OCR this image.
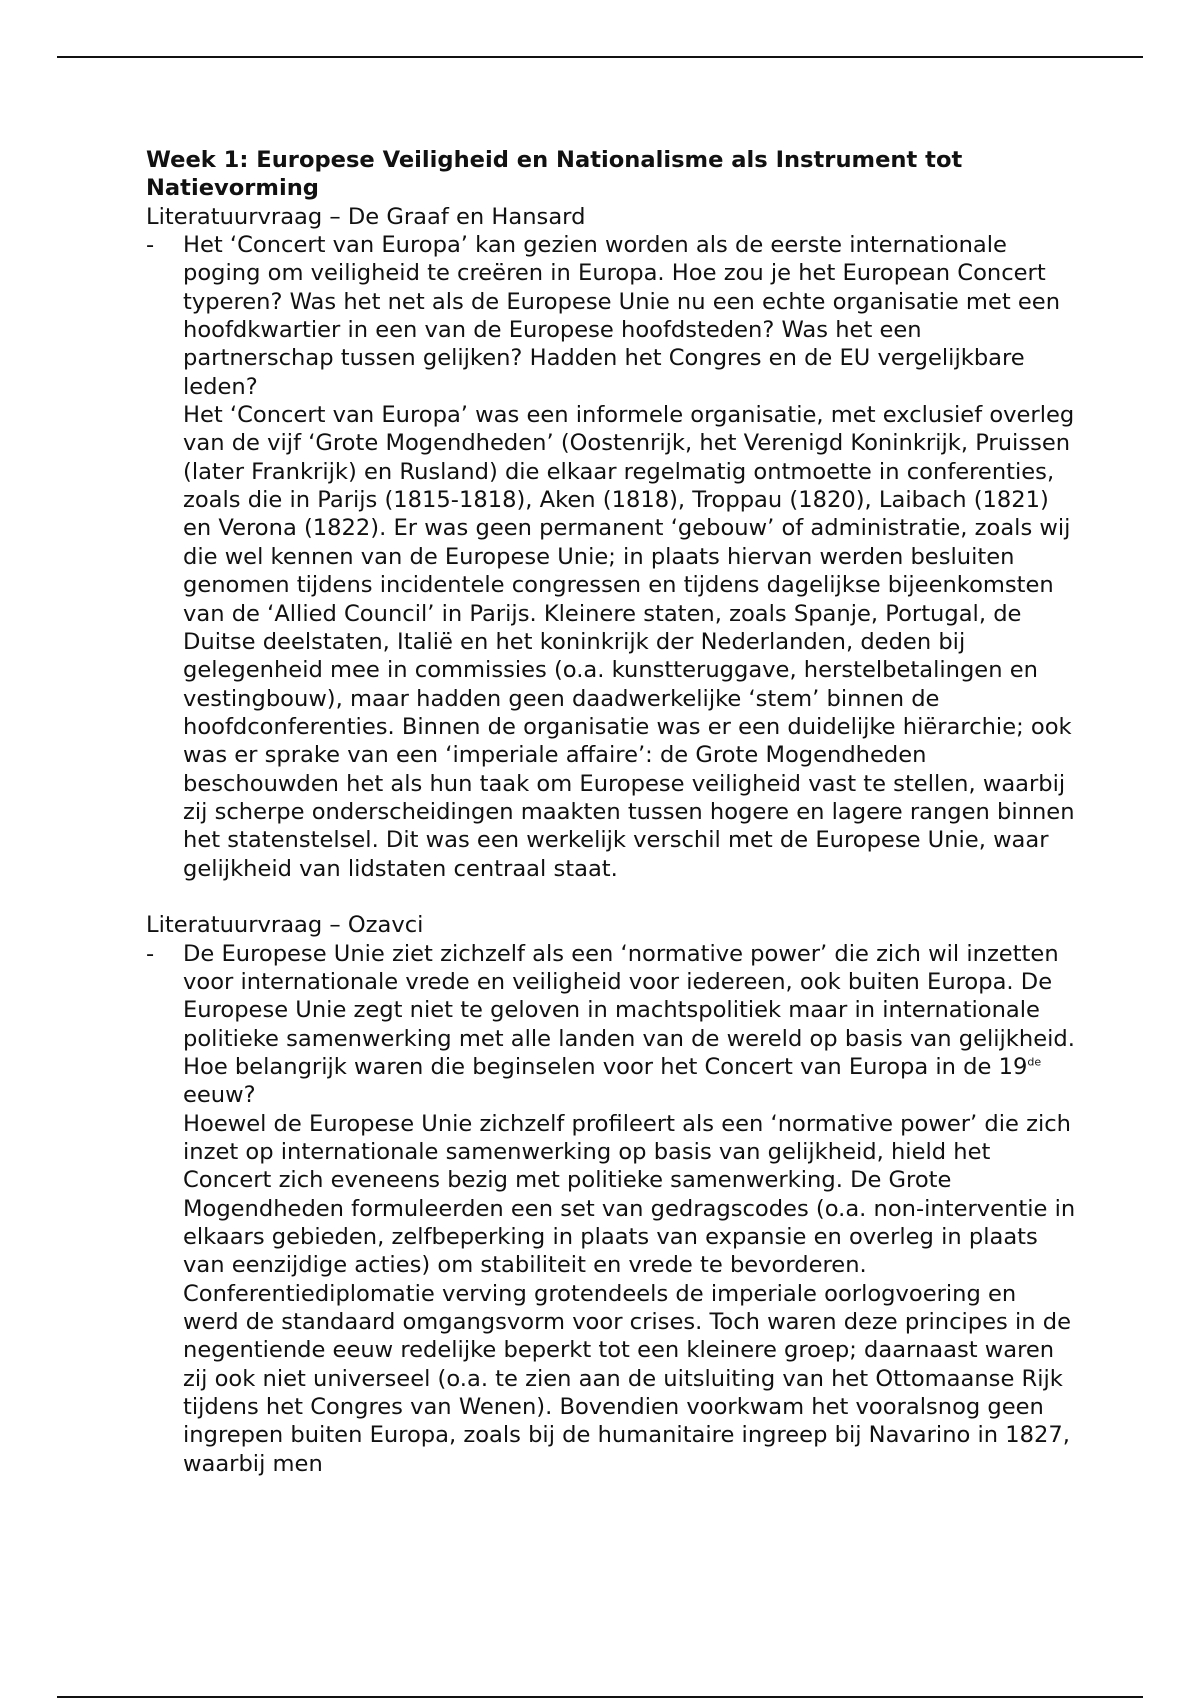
Week 1: Europese Veiligheid en Nationalisme als Instrument tot Natievorming

Literatuurvraag – De Graaf en Hansard

- Het ‘Concert van Europa’ kan gezien worden als de eerste internationale poging om veiligheid te creëren in Europa. Hoe zou je het European Concert typeren? Was het net als de Europese Unie nu een echte organisatie met een hoofdkwartier in een van de Europese hoofdsteden? Was het een partnerschap tussen gelijken? Hadden het Congres en de EU vergelijkbare leden?

Het ‘Concert van Europa’ was een informele organisatie, met exclusief overleg van de vijf ‘Grote Mogendheden’ (Oostenrijk, het Verenigd Koninkrijk, Pruissen (later Frankrijk) en Rusland) die elkaar regelmatig ontmoette in conferenties, zoals die in Parijs (1815-1818), Aken (1818), Troppau (1820), Laibach (1821) en Verona (1822). Er was geen permanent ‘gebouw’ of administratie, zoals wij die wel kennen van de Europese Unie; in plaats hiervan werden besluiten genomen tijdens incidentele congressen en tijdens dagelijkse bijeenkomsten van de ‘Allied Council’ in Parijs. Kleinere staten, zoals Spanje, Portugal, de Duitse deelstaten, Italië en het koninkrijk der Nederlanden, deden bij gelegenheid mee in commissies (o.a. kunstteruggave, herstelbetalingen en vestingbouw), maar hadden geen daadwerkelijke ‘stem’ binnen de hoofdconferenties. Binnen de organisatie was er een duidelijke hiërarchie; ook was er sprake van een ‘imperiale affaire’: de Grote Mogendheden beschouwden het als hun taak om Europese veiligheid vast te stellen, waarbij zij scherpe onderscheidingen maakten tussen hogere en lagere rangen binnen het statenstelsel. Dit was een werkelijk verschil met de Europese Unie, waar gelijkheid van lidstaten centraal staat.

Literatuurvraag – Ozavci

- De Europese Unie ziet zichzelf als een ‘normative power’ die zich wil inzetten voor internationale vrede en veiligheid voor iedereen, ook buiten Europa. De Europese Unie zegt niet te geloven in machtspolitiek maar in internationale politieke samenwerking met alle landen van de wereld op basis van gelijkheid. Hoe belangrijk waren die beginselen voor het Concert van Europa in de 19de eeuw?

Hoewel de Europese Unie zichzelf profileert als een ‘normative power’ die zich inzet op internationale samenwerking op basis van gelijkheid, hield het Concert zich eveneens bezig met politieke samenwerking. De Grote Mogendheden formuleerden een set van gedragscodes (o.a. non-interventie in elkaars gebieden, zelfbeperking in plaats van expansie en overleg in plaats van eenzijdige acties) om stabiliteit en vrede te bevorderen. Conferentiediplomatie verving grotendeels de imperiale oorlogvoering en werd de standaard omgangsvorm voor crises. Toch waren deze principes in de negentiende eeuw redelijke beperkt tot een kleinere groep; daarnaast waren zij ook niet universeel (o.a. te zien aan de uitsluiting van het Ottomaanse Rijk tijdens het Congres van Wenen). Bovendien voorkwam het vooralsnog geen ingrepen buiten Europa, zoals bij de humanitaire ingreep bij Navarino in 1827, waarbij men
